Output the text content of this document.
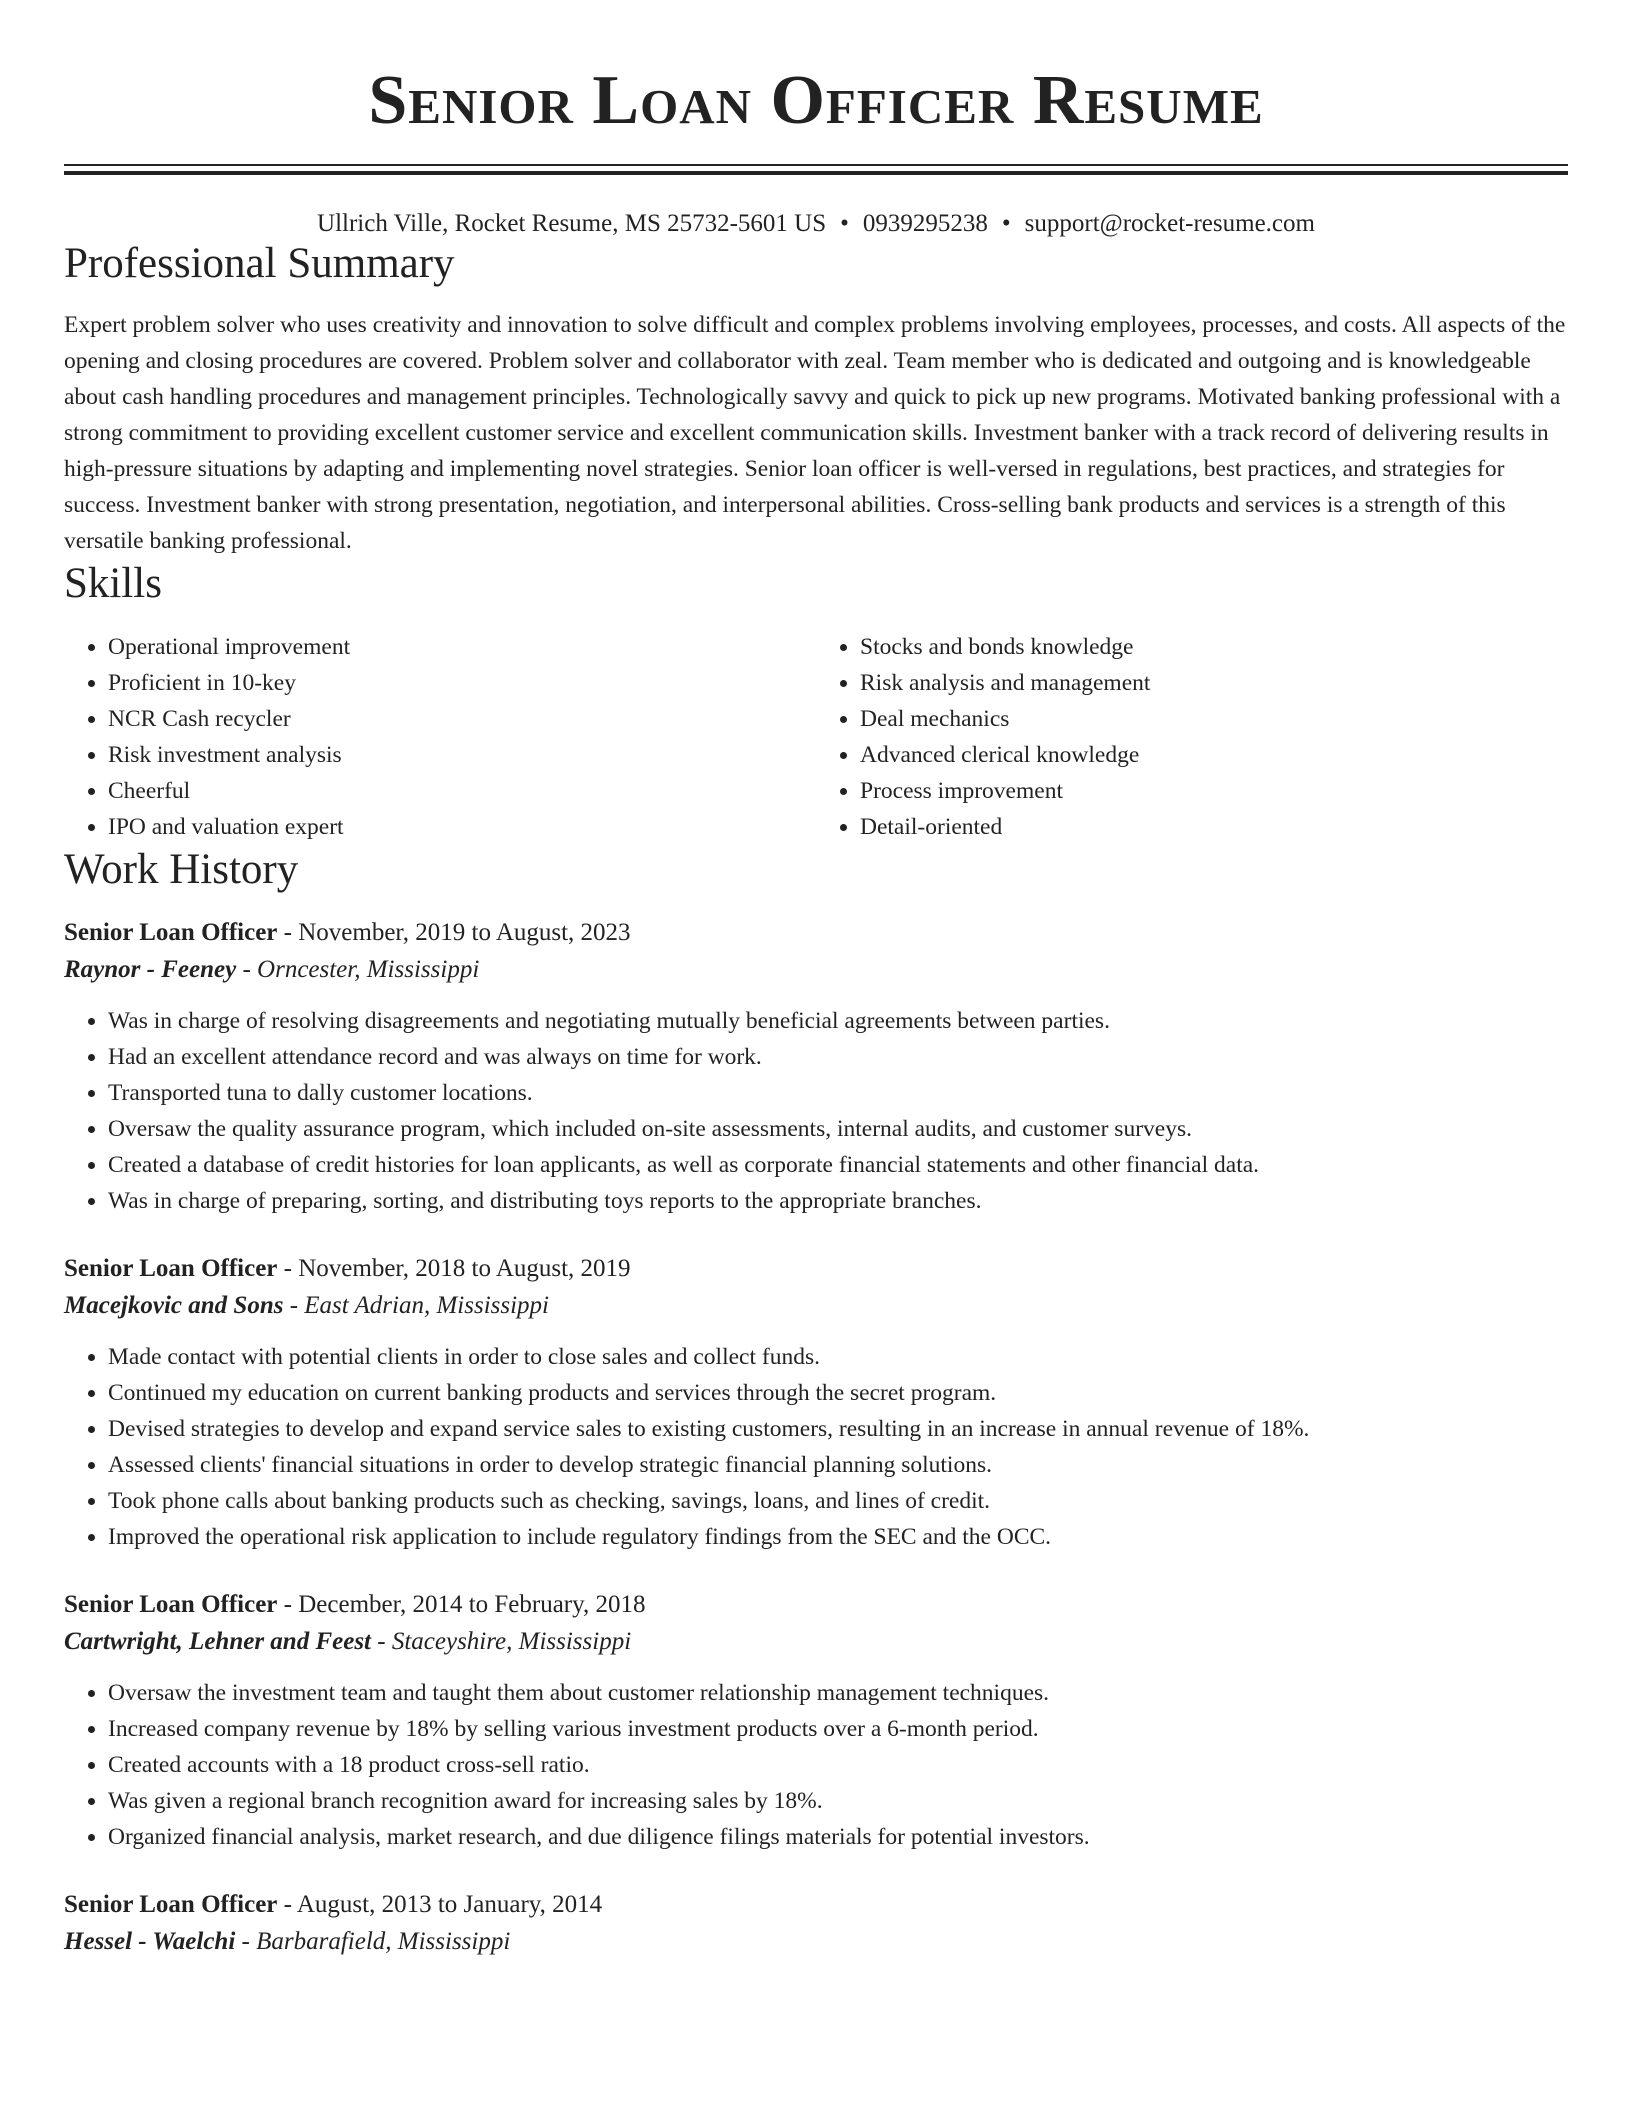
Senior Loan Officer Resume
Ullrich Ville, Rocket Resume, MS 25732-5601 US • 0939295238 • support@rocket-resume.com
Professional Summary

Expert problem solver who uses creativity and innovation to solve difficult and complex problems involving employees, processes, and costs. All aspects of the opening and closing procedures are covered. Problem solver and collaborator with zeal. Team member who is dedicated and outgoing and is knowledgeable about cash handling procedures and management principles. Technologically savvy and quick to pick up new programs. Motivated banking professional with a strong commitment to providing excellent customer service and excellent communication skills. Investment banker with a track record of delivering results in high-pressure situations by adapting and implementing novel strategies. Senior loan officer is well-versed in regulations, best practices, and strategies for success. Investment banker with strong presentation, negotiation, and interpersonal abilities. Cross-selling bank products and services is a strength of this versatile banking professional.

Skills
• Operational improvement
• Proficient in 10-key
• NCR Cash recycler
• Risk investment analysis
• Cheerful
• IPO and valuation expert
• Stocks and bonds knowledge
• Risk analysis and management
• Deal mechanics
• Advanced clerical knowledge
• Process improvement
• Detail-oriented
Work History
Senior Loan Officer - November, 2019 to August, 2023
Raynor - Feeney - Orncester, Mississippi
• Was in charge of resolving disagreements and negotiating mutually beneficial agreements between parties.
• Had an excellent attendance record and was always on time for work.
• Transported tuna to dally customer locations.
• Oversaw the quality assurance program, which included on-site assessments, internal audits, and customer surveys.
• Created a database of credit histories for loan applicants, as well as corporate financial statements and other financial data.
• Was in charge of preparing, sorting, and distributing toys reports to the appropriate branches.
Senior Loan Officer - November, 2018 to August, 2019
Macejkovic and Sons - East Adrian, Mississippi
• Made contact with potential clients in order to close sales and collect funds.
• Continued my education on current banking products and services through the secret program.
• Devised strategies to develop and expand service sales to existing customers, resulting in an increase in annual revenue of 18%.
• Assessed clients' financial situations in order to develop strategic financial planning solutions.
• Took phone calls about banking products such as checking, savings, loans, and lines of credit.
• Improved the operational risk application to include regulatory findings from the SEC and the OCC.
Senior Loan Officer - December, 2014 to February, 2018
Cartwright, Lehner and Feest - Staceyshire, Mississippi
• Oversaw the investment team and taught them about customer relationship management techniques.
• Increased company revenue by 18% by selling various investment products over a 6-month period.
• Created accounts with a 18 product cross-sell ratio.
• Was given a regional branch recognition award for increasing sales by 18%.
• Organized financial analysis, market research, and due diligence filings materials for potential investors.
Senior Loan Officer - August, 2013 to January, 2014
Hessel - Waelchi - Barbarafield, Mississippi
